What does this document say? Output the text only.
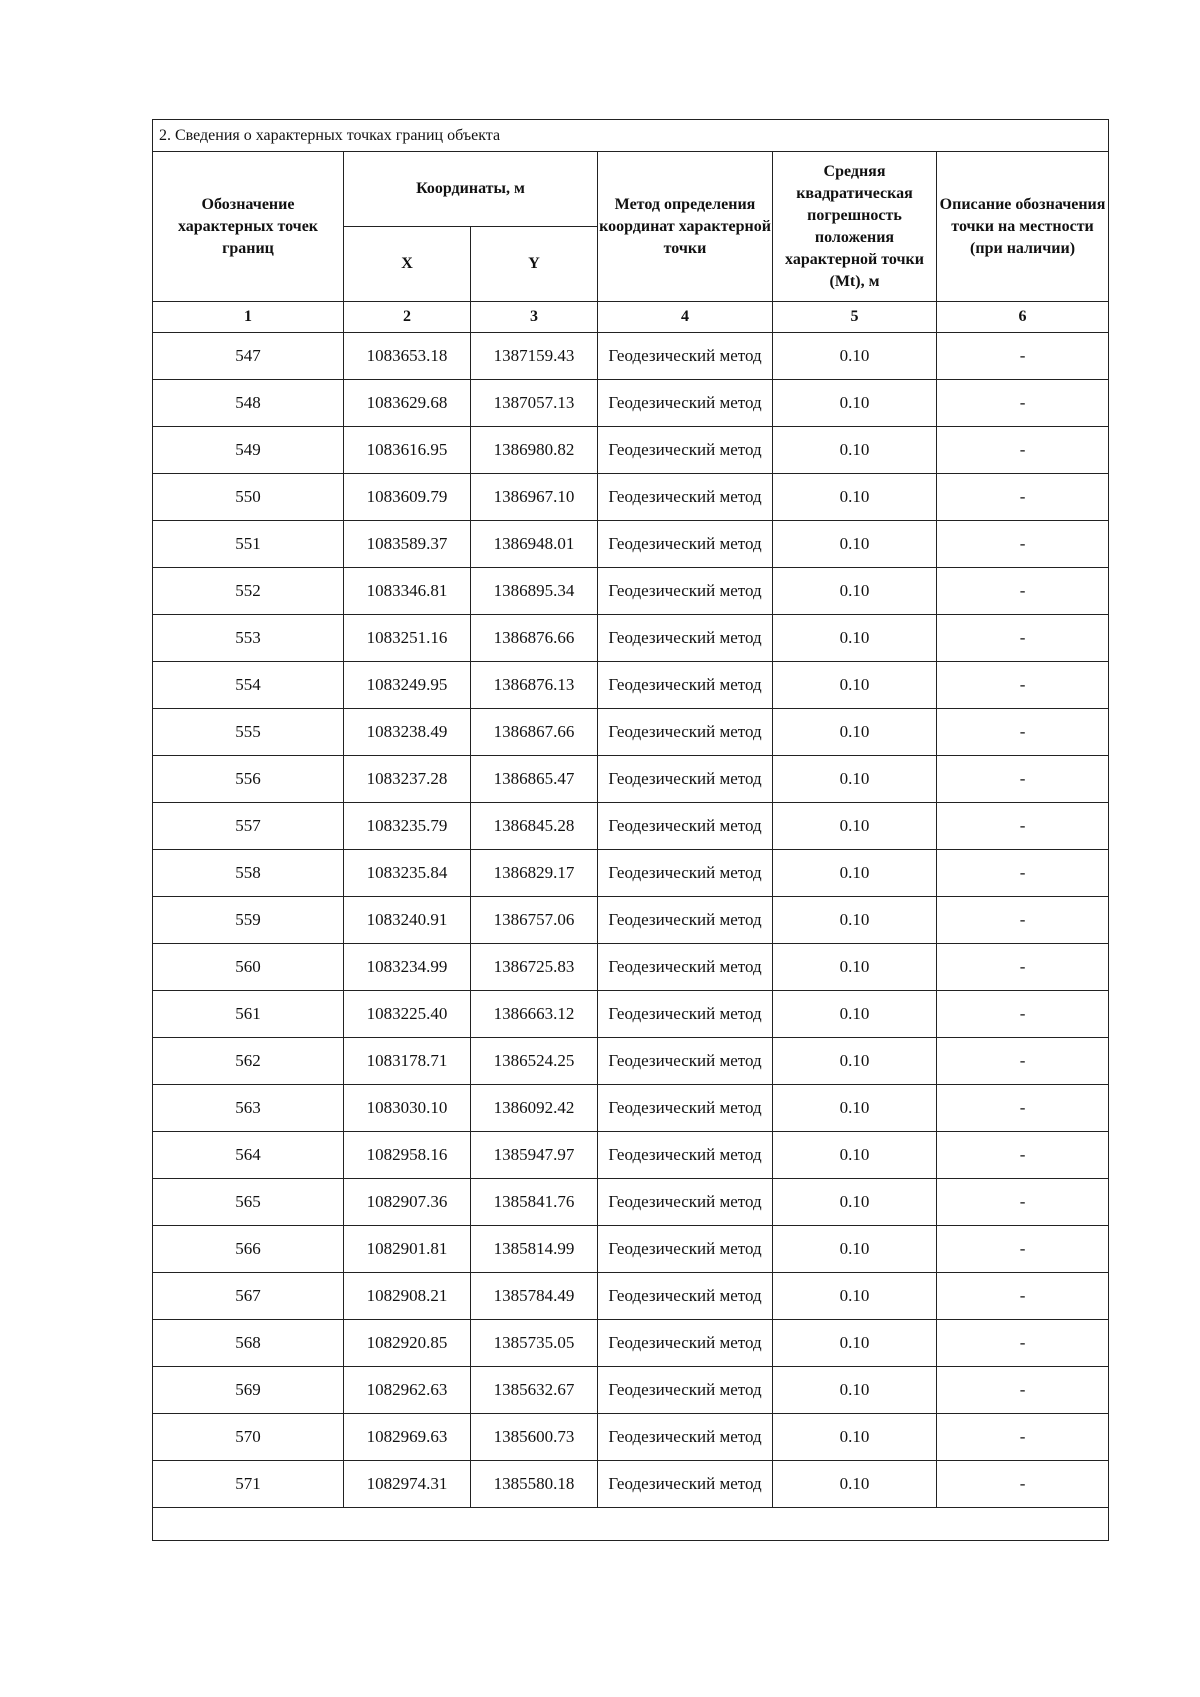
2. Сведения о характерных точках границ объекта					
Обозначение характерных точек границ	Координаты, м		Метод определения координат характерной точки	Средняя квадратическая погрешность положения характерной точки (Mt), м	Описание обозначения точки на местности (при наличии)
	X	Y			
1	2	3	4	5	6
547	1083653.18	1387159.43	Геодезический метод	0.10	-
548	1083629.68	1387057.13	Геодезический метод	0.10	-
549	1083616.95	1386980.82	Геодезический метод	0.10	-
550	1083609.79	1386967.10	Геодезический метод	0.10	-
551	1083589.37	1386948.01	Геодезический метод	0.10	-
552	1083346.81	1386895.34	Геодезический метод	0.10	-
553	1083251.16	1386876.66	Геодезический метод	0.10	-
554	1083249.95	1386876.13	Геодезический метод	0.10	-
555	1083238.49	1386867.66	Геодезический метод	0.10	-
556	1083237.28	1386865.47	Геодезический метод	0.10	-
557	1083235.79	1386845.28	Геодезический метод	0.10	-
558	1083235.84	1386829.17	Геодезический метод	0.10	-
559	1083240.91	1386757.06	Геодезический метод	0.10	-
560	1083234.99	1386725.83	Геодезический метод	0.10	-
561	1083225.40	1386663.12	Геодезический метод	0.10	-
562	1083178.71	1386524.25	Геодезический метод	0.10	-
563	1083030.10	1386092.42	Геодезический метод	0.10	-
564	1082958.16	1385947.97	Геодезический метод	0.10	-
565	1082907.36	1385841.76	Геодезический метод	0.10	-
566	1082901.81	1385814.99	Геодезический метод	0.10	-
567	1082908.21	1385784.49	Геодезический метод	0.10	-
568	1082920.85	1385735.05	Геодезический метод	0.10	-
569	1082962.63	1385632.67	Геодезический метод	0.10	-
570	1082969.63	1385600.73	Геодезический метод	0.10	-
571	1082974.31	1385580.18	Геодезический метод	0.10	-
